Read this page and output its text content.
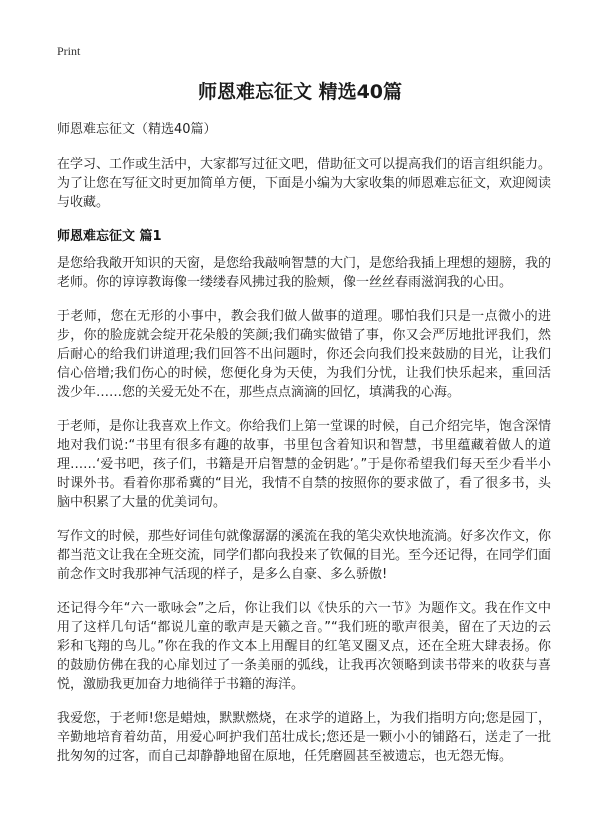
Print
师恩难忘征文 精选40篇

师恩难忘征文（精选40篇）

在学习、工作或生活中，大家都写过征文吧，借助征文可以提高我们的语言组织能力。为了让您在写征文时更加简单方便，下面是小编为大家收集的师恩难忘征文，欢迎阅读与收藏。

师恩难忘征文 篇1

是您给我敞开知识的天窗，是您给我敲响智慧的大门，是您给我插上理想的翅膀，我的老师。你的谆谆教诲像一缕缕春风拂过我的脸颊，像一丝丝春雨滋润我的心田。

于老师，您在无形的小事中，教会我们做人做事的道理。哪怕我们只是一点微小的进步，你的脸庞就会绽开花朵般的笑颜;我们确实做错了事，你又会严厉地批评我们，然后耐心的给我们讲道理;我们回答不出问题时，你还会向我们投来鼓励的目光，让我们信心倍增;我们伤心的时候，您便化身为天使，为我们分忧，让我们快乐起来，重回活泼少年……您的关爱无处不在，那些点点滴滴的回忆，填满我的心海。

于老师，是你让我喜欢上作文。你给我们上第一堂课的时候，自己介绍完毕，饱含深情地对我们说:“书里有很多有趣的故事，书里包含着知识和智慧，书里蕴藏着做人的道理……‘爱书吧，孩子们，书籍是开启智慧的金钥匙’。”于是你希望我们每天至少看半小时课外书。看着你那希冀的“目光，我情不自禁的按照你的要求做了，看了很多书，头脑中积累了大量的优美词句。

写作文的时候，那些好词佳句就像潺潺的溪流在我的笔尖欢快地流淌。好多次作文，你都当范文让我在全班交流，同学们都向我投来了钦佩的目光。至今还记得，在同学们面前念作文时我那神气活现的样子，是多么自豪、多么骄傲!

还记得今年“六一歌咏会”之后，你让我们以《快乐的六一节》为题作文。我在作文中用了这样几句话“都说儿童的歌声是天籁之音。”“我们班的歌声很美，留在了天边的云彩和飞翔的鸟儿。”你在我的作文本上用醒目的红笔叉圈叉点，还在全班大肆表扬。你的鼓励仿佛在我的心扉划过了一条美丽的弧线，让我再次领略到读书带来的收获与喜悦，激励我更加奋力地徜徉于书籍的海洋。

我爱您，于老师!您是蜡烛，默默燃烧，在求学的道路上，为我们指明方向;您是园丁，辛勤地培育着幼苗，用爱心呵护我们茁壮成长;您还是一颗小小的铺路石，送走了一批批匆匆的过客，而自己却静静地留在原地，任凭磨圆甚至被遗忘，也无怨无悔。
